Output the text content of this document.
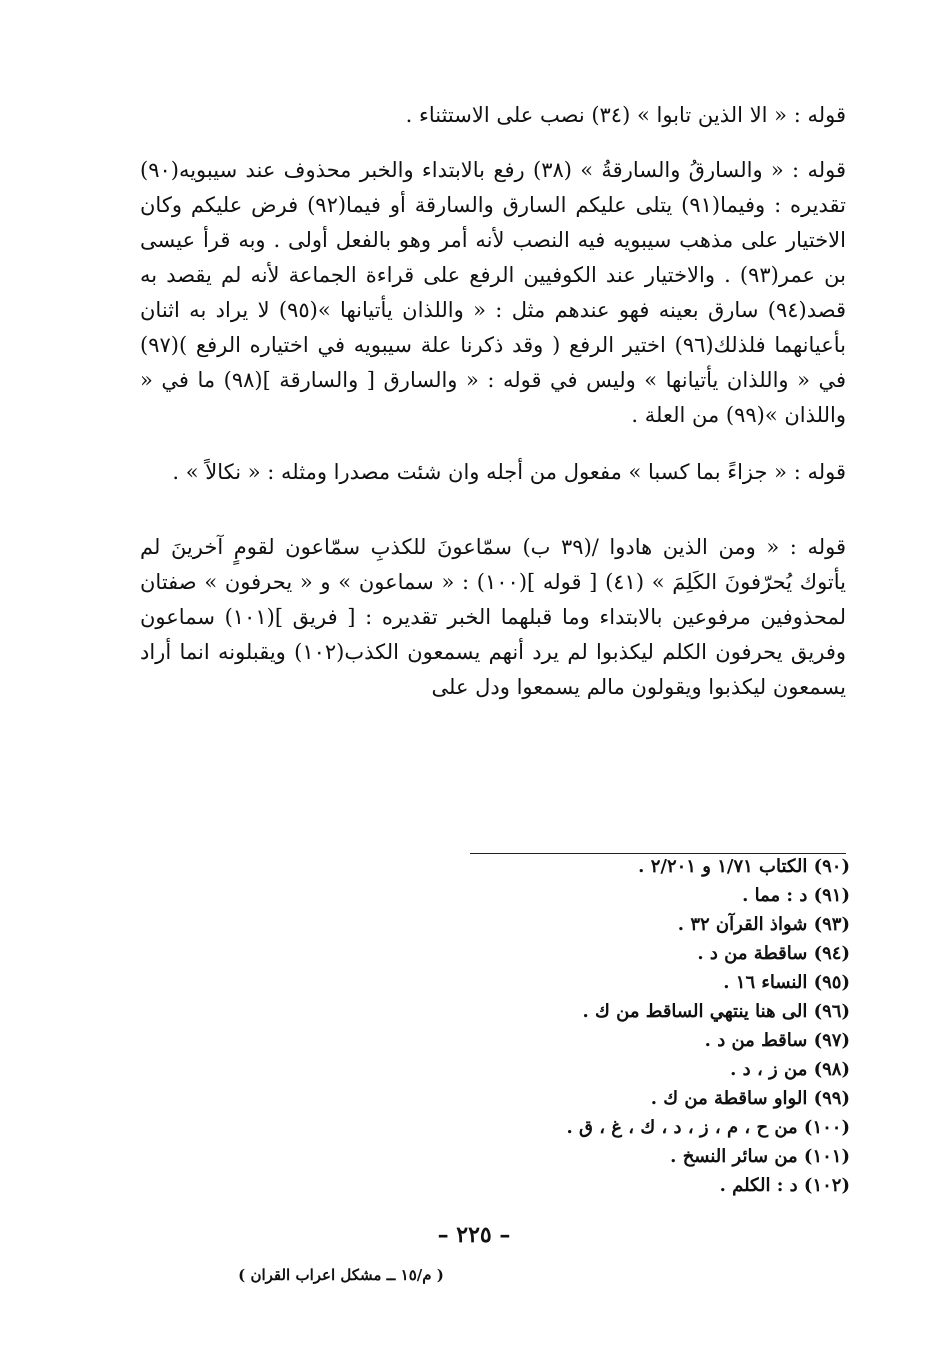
قوله : « الا الذين تابوا » (٣٤) نصب على الاستثناء .

قوله : « والسارقُ والسارقةُ » (٣٨) رفع بالابتداء والخبر محذوف عند سيبويه(٩٠) تقديره : وفيما(٩١) يتلى عليكم السارق والسارقة أو فيما(٩٢) فرض عليكم وكان الاختيار على مذهب سيبويه فيه النصب لأنه أمر وهو بالفعل أولى . وبه قرأ عيسى بن عمر(٩٣) . والاختيار عند الكوفيين الرفع على قراءة الجماعة لأنه لم يقصد به قصد(٩٤) سارق بعينه فهو عندهم مثل : « واللذان يأتيانها »(٩٥) لا يراد به اثنان بأعيانهما فلذلك(٩٦) اختير الرفع ( وقد ذكرنا علة سيبويه في اختياره الرفع )(٩٧) في « واللذان يأتيانها » وليس في قوله : « والسارق [ والسارقة ](٩٨) ما في « واللذان »(٩٩) من العلة .

قوله : « جزاءً بما كسبا » مفعول من أجله وان شئت مصدرا ومثله : « نكالاً » .

قوله : « ومن الذين هادوا /(٣٩ ب) سمّاعونَ للكذبِ سمّاعون لقومٍ آخرينَ لم يأتوك يُحرّفونَ الكَلِمَ » (٤١) [ قوله ](١٠٠) : « سماعون » و « يحرفون » صفتان لمحذوفين مرفوعين بالابتداء وما قبلهما الخبر تقديره : [ فريق ](١٠١) سماعون وفريق يحرفون الكلم ليكذبوا لم يرد أنهم يسمعون الكذب(١٠٢) ويقبلونه انما أراد يسمعون ليكذبوا ويقولون مالم يسمعوا ودل على

(٩٠) الكتاب ١/٧١ و ٢/٢٠١ .
(٩١) د : مما .
(٩٣) شواذ القرآن ٣٢ .
(٩٤) ساقطة من د .
(٩٥) النساء ١٦ .
(٩٦) الى هنا ينتهي الساقط من ك .
(٩٧) ساقط من د .
(٩٨) من ز ، د .
(٩٩) الواو ساقطة من ك .
(١٠٠) من ح ، م ، ز ، د ، ك ، غ ، ق .
(١٠١) من سائر النسخ .
(١٠٢) د : الكلم .
– ٢٢٥ –
( م/١٥ ــ مشكل اعراب القران )
